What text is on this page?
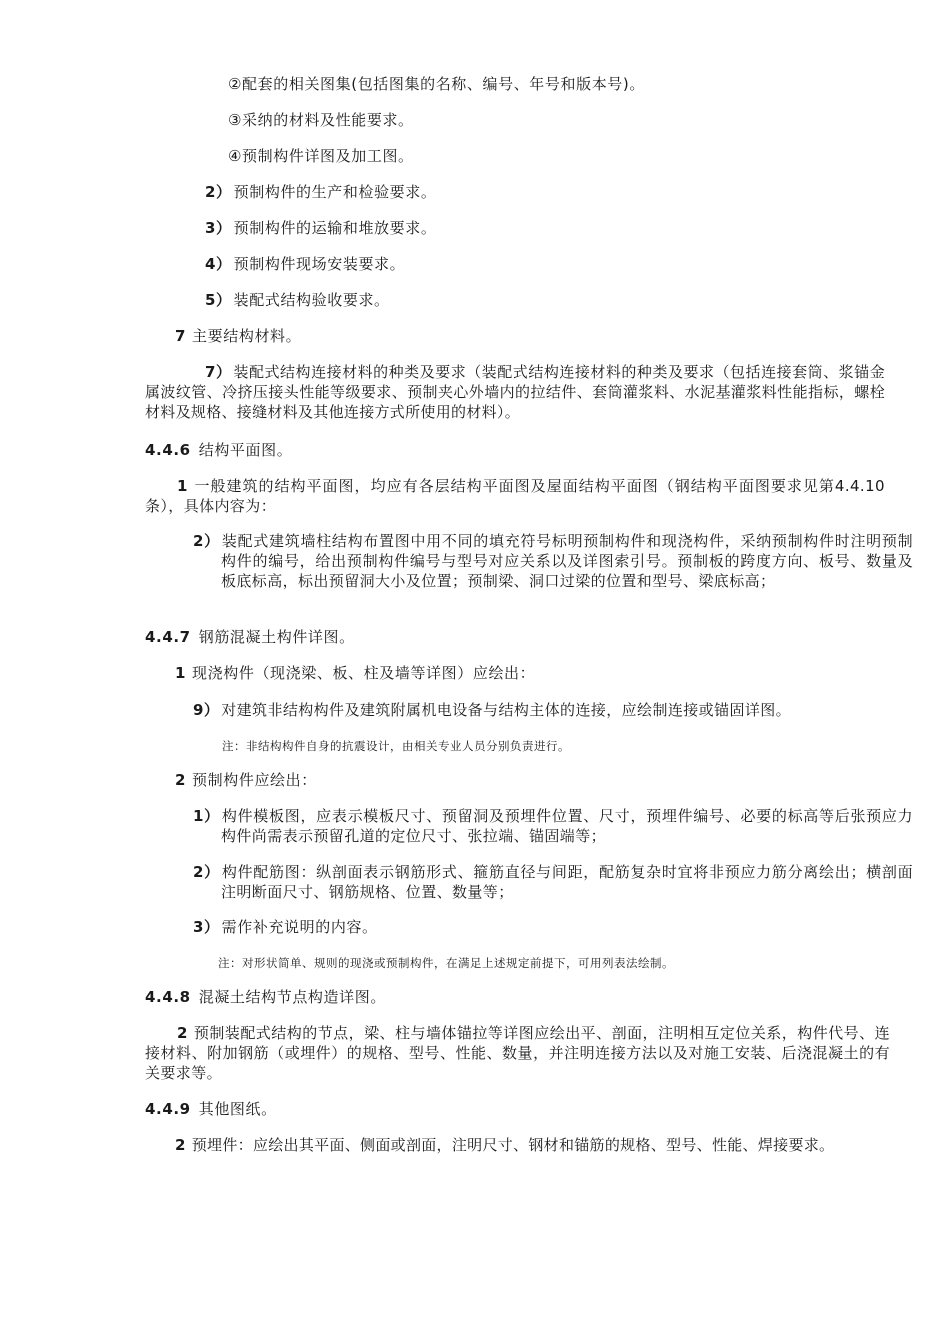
②配套的相关图集(包括图集的名称、编号、年号和版本号)。
③采纳的材料及性能要求。
④预制构件详图及加工图。
2） 预制构件的生产和检验要求。
3） 预制构件的运输和堆放要求。
4） 预制构件现场安装要求。
5） 装配式结构验收要求。
7 主要结构材料。
7） 装配式结构连接材料的种类及要求（装配式结构连接材料的种类及要求（包括连接套筒、浆锚金属波纹管、冷挤压接头性能等级要求、预制夹心外墙内的拉结件、套筒灌浆料、水泥基灌浆料性能指标，螺栓材料及规格、接缝材料及其他连接方式所使用的材料）。
4.4.6 结构平面图。
1 一般建筑的结构平面图，均应有各层结构平面图及屋面结构平面图（钢结构平面图要求见第4.4.10条），具体内容为：
2） 装配式建筑墙柱结构布置图中用不同的填充符号标明预制构件和现浇构件，采纳预制构件时注明预制构件的编号，给出预制构件编号与型号对应关系以及详图索引号。预制板的跨度方向、板号、数量及板底标高，标出预留洞大小及位置；预制梁、洞口过梁的位置和型号、梁底标高；
4.4.7 钢筋混凝土构件详图。
1 现浇构件（现浇梁、板、柱及墙等详图）应绘出：
9） 对建筑非结构构件及建筑附属机电设备与结构主体的连接，应绘制连接或锚固详图。
注：非结构构件自身的抗震设计，由相关专业人员分别负责进行。
2 预制构件应绘出：
1） 构件模板图，应表示模板尺寸、预留洞及预埋件位置、尺寸，预埋件编号、必要的标高等后张预应力构件尚需表示预留孔道的定位尺寸、张拉端、锚固端等；
2） 构件配筋图：纵剖面表示钢筋形式、箍筋直径与间距，配筋复杂时宜将非预应力筋分离绘出；横剖面注明断面尺寸、钢筋规格、位置、数量等；
3） 需作补充说明的内容。
注：对形状简单、规则的现浇或预制构件，在满足上述规定前提下，可用列表法绘制。
4.4.8 混凝土结构节点构造详图。
2 预制装配式结构的节点，梁、柱与墙体锚拉等详图应绘出平、剖面，注明相互定位关系，构件代号、连接材料、附加钢筋（或埋件）的规格、型号、性能、数量，并注明连接方法以及对施工安装、后浇混凝土的有关要求等。
4.4.9 其他图纸。
2 预埋件：应绘出其平面、侧面或剖面，注明尺寸、钢材和锚筋的规格、型号、性能、焊接要求。
